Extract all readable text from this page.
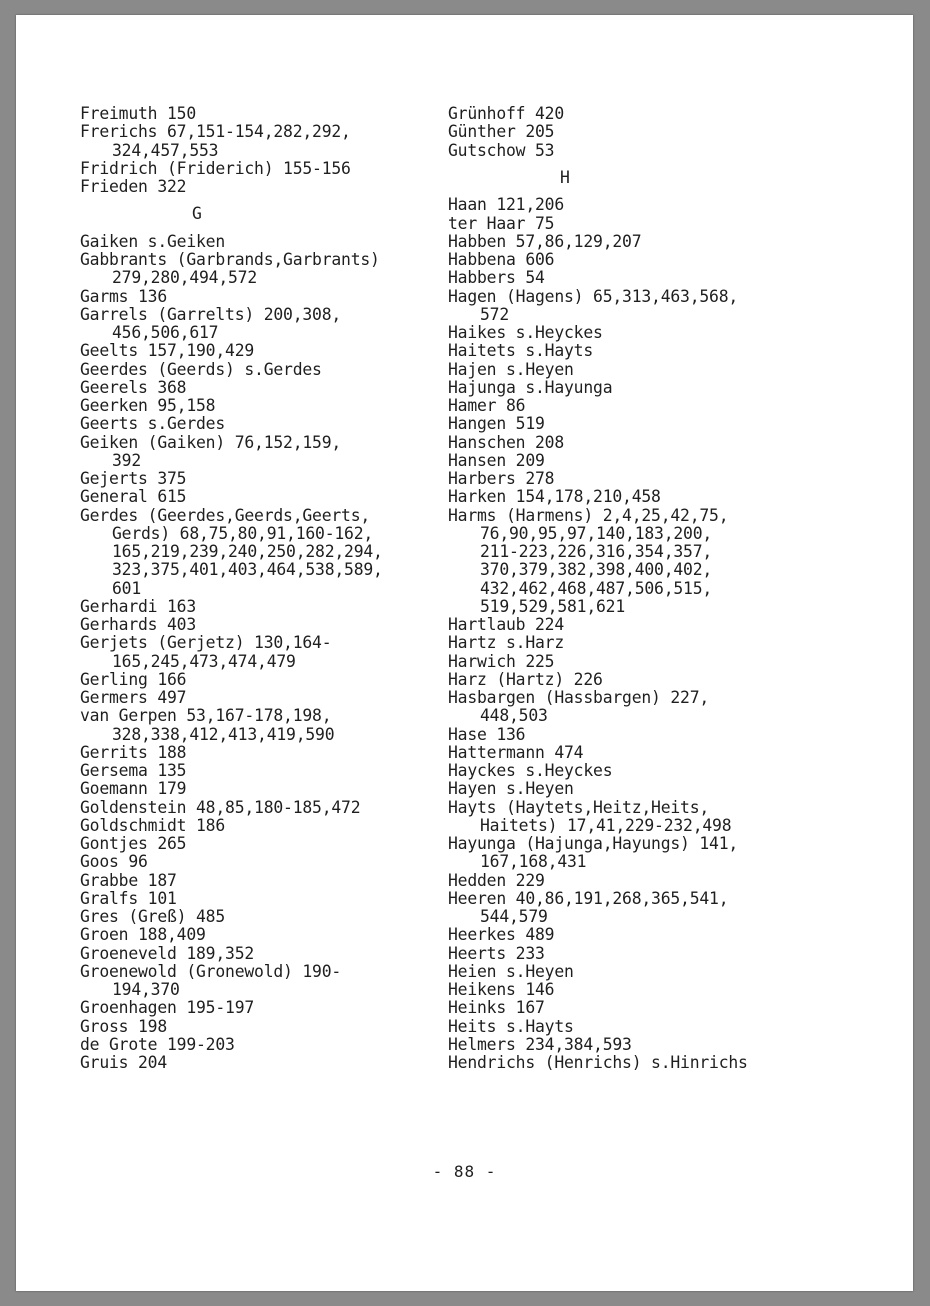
Freimuth 150
Frerichs 67,151-154,282,292,
324,457,553
Fridrich (Friderich) 155-156
Frieden 322
G
Gaiken s.Geiken
Gabbrants (Garbrands,Garbrants)
279,280,494,572
Garms 136
Garrels (Garrelts) 200,308,
456,506,617
Geelts 157,190,429
Geerdes (Geerds) s.Gerdes
Geerels 368
Geerken 95,158
Geerts s.Gerdes
Geiken (Gaiken) 76,152,159,
392
Gejerts 375
General 615
Gerdes (Geerdes,Geerds,Geerts,
Gerds) 68,75,80,91,160-162,
165,219,239,240,250,282,294,
323,375,401,403,464,538,589,
601
Gerhardi 163
Gerhards 403
Gerjets (Gerjetz) 130,164-
165,245,473,474,479
Gerling 166
Germers 497
van Gerpen 53,167-178,198,
328,338,412,413,419,590
Gerrits 188
Gersema 135
Goemann 179
Goldenstein 48,85,180-185,472
Goldschmidt 186
Gontjes 265
Goos 96
Grabbe 187
Gralfs 101
Gres (Greß) 485
Groen 188,409
Groeneveld 189,352
Groenewold (Gronewold) 190-
194,370
Groenhagen 195-197
Gross 198
de Grote 199-203
Gruis 204
Grünhoff 420
Günther 205
Gutschow 53
H
Haan 121,206
ter Haar 75
Habben 57,86,129,207
Habbena 606
Habbers 54
Hagen (Hagens) 65,313,463,568,
572
Haikes s.Heyckes
Haitets s.Hayts
Hajen s.Heyen
Hajunga s.Hayunga
Hamer 86
Hangen 519
Hanschen 208
Hansen 209
Harbers 278
Harken 154,178,210,458
Harms (Harmens) 2,4,25,42,75,
76,90,95,97,140,183,200,
211-223,226,316,354,357,
370,379,382,398,400,402,
432,462,468,487,506,515,
519,529,581,621
Hartlaub 224
Hartz s.Harz
Harwich 225
Harz (Hartz) 226
Hasbargen (Hassbargen) 227,
448,503
Hase 136
Hattermann 474
Hayckes s.Heyckes
Hayen s.Heyen
Hayts (Haytets,Heitz,Heits,
Haitets) 17,41,229-232,498
Hayunga (Hajunga,Hayungs) 141,
167,168,431
Hedden 229
Heeren 40,86,191,268,365,541,
544,579
Heerkes 489
Heerts 233
Heien s.Heyen
Heikens 146
Heinks 167
Heits s.Hayts
Helmers 234,384,593
Hendrichs (Henrichs) s.Hinrichs
- 88 -
